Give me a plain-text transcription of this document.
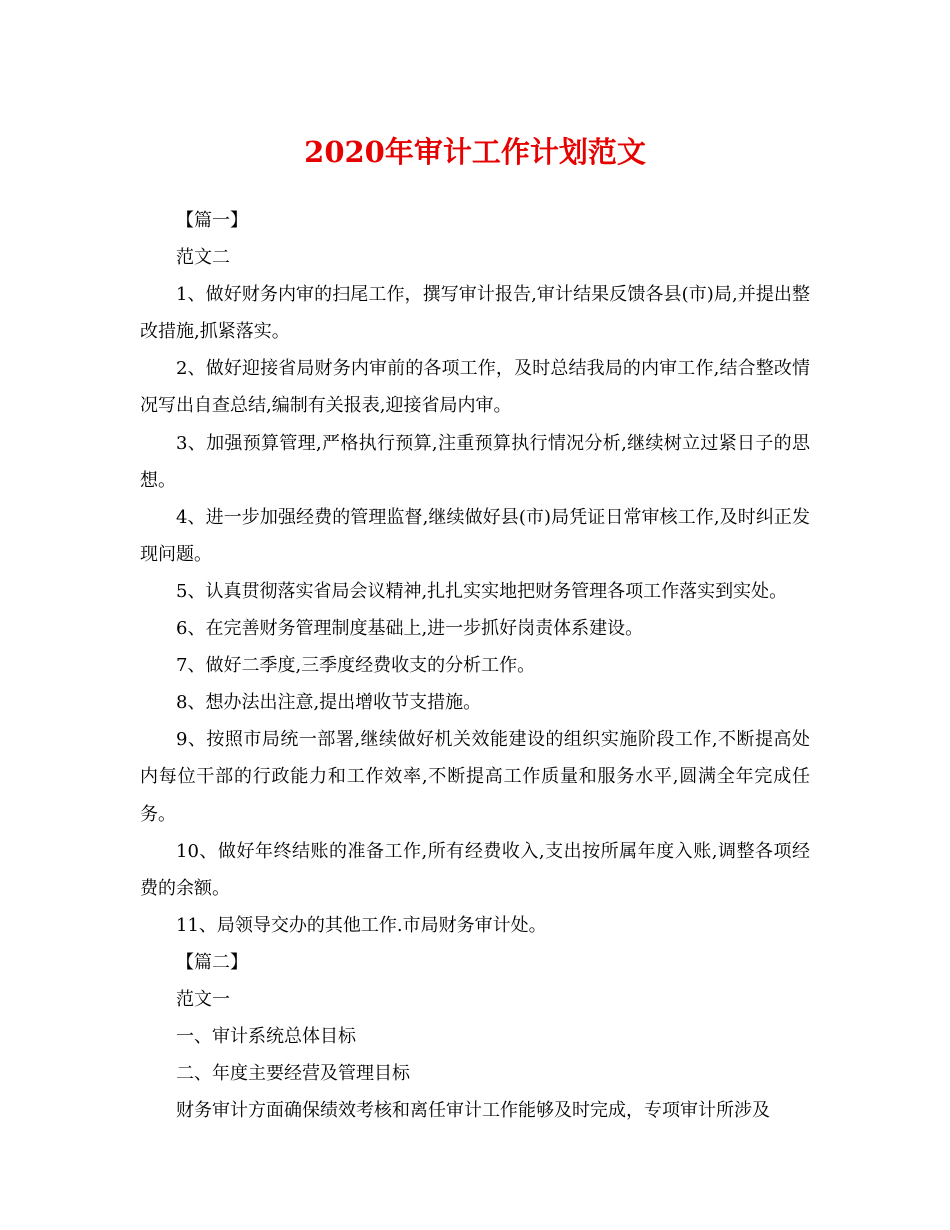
2020年审计工作计划范文

【篇一】

范文二

1、做好财务内审的扫尾工作，撰写审计报告,审计结果反馈各县(市)局,并提出整改措施,抓紧落实。

2、做好迎接省局财务内审前的各项工作，及时总结我局的内审工作,结合整改情况写出自查总结,编制有关报表,迎接省局内审。

3、加强预算管理,严格执行预算,注重预算执行情况分析,继续树立过紧日子的思想。

4、进一步加强经费的管理监督,继续做好县(市)局凭证日常审核工作,及时纠正发现问题。

5、认真贯彻落实省局会议精神,扎扎实实地把财务管理各项工作落实到实处。

6、在完善财务管理制度基础上,进一步抓好岗责体系建设。

7、做好二季度,三季度经费收支的分析工作。

8、想办法出注意,提出增收节支措施。

9、按照市局统一部署,继续做好机关效能建设的组织实施阶段工作,不断提高处内每位干部的行政能力和工作效率,不断提高工作质量和服务水平,圆满全年完成任务。

10、做好年终结账的准备工作,所有经费收入,支出按所属年度入账,调整各项经费的余额。

11、局领导交办的其他工作.市局财务审计处。

【篇二】

范文一

一、审计系统总体目标

二、年度主要经营及管理目标

财务审计方面确保绩效考核和离任审计工作能够及时完成，专项审计所涉及
